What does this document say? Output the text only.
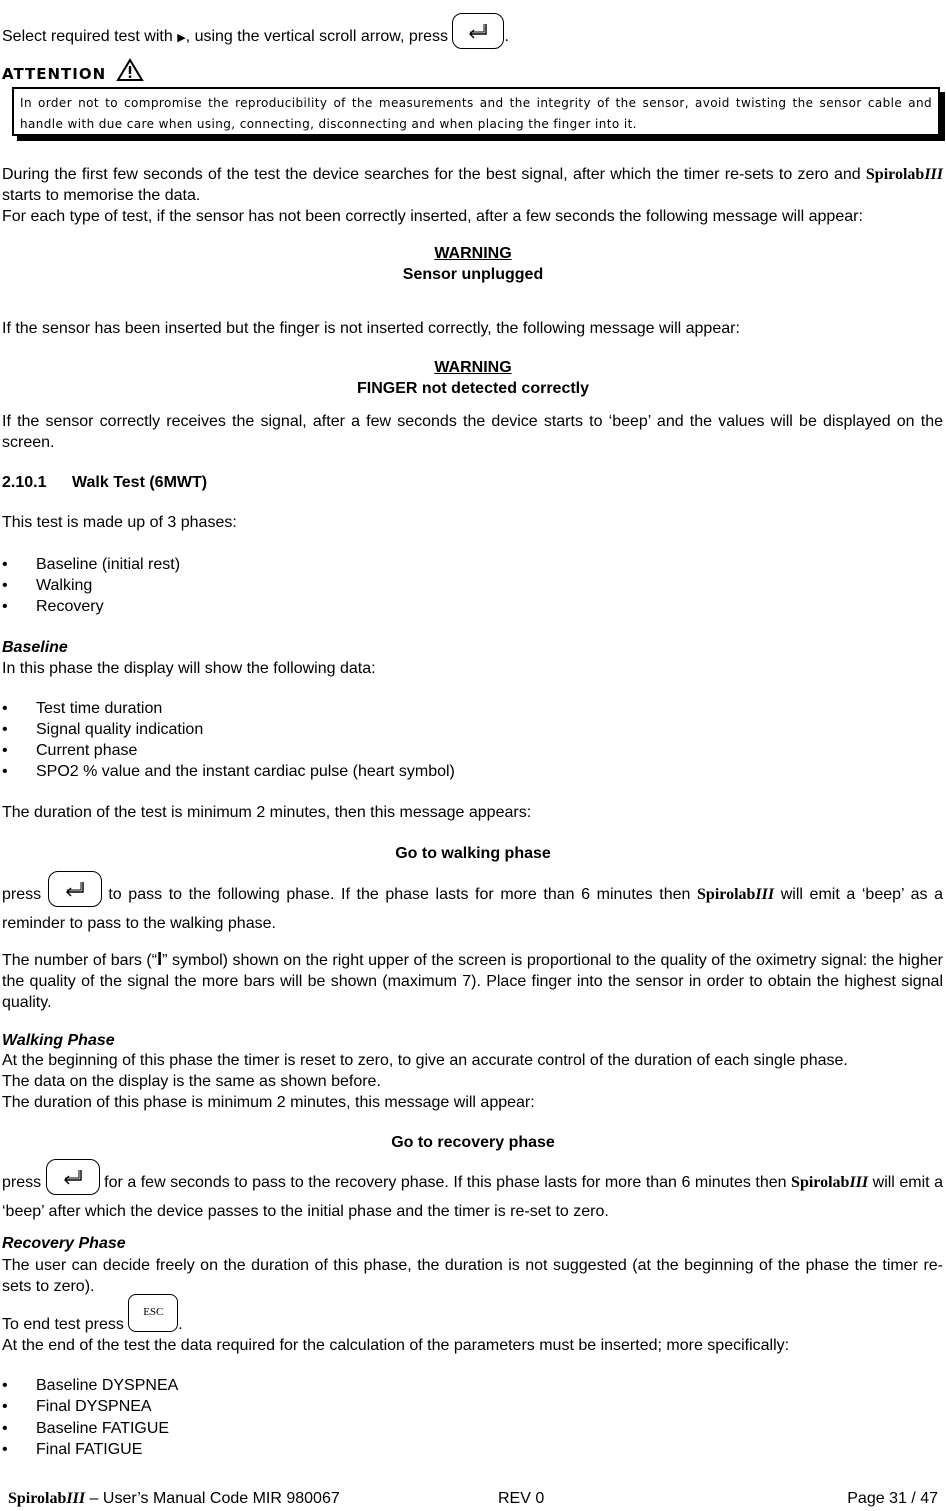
Select required test with ▶, using the vertical scroll arrow, press	.
ATTENTION
In order not to compromise the reproducibility of the measurements and the integrity of the sensor, avoid twisting the sensor cable and handle with due care when using, connecting, disconnecting and when placing the finger into it.
During the first few seconds of the test the device searches for the best signal, after which the timer re-sets to zero and SpirolabIII starts to memorise the data.
For each type of test, if the sensor has not been correctly inserted, after a few seconds the following message will appear:
WARNING
Sensor unplugged
If the sensor has been inserted but the finger is not inserted correctly, the following message will appear:
WARNING
FINGER not detected correctly
If the sensor correctly receives the signal, after a few seconds the device starts to ‘beep’ and the values will be displayed on the screen.
2.10.1 Walk Test (6MWT)
This test is made up of 3 phases:
• Baseline (initial rest)
• Walking
• Recovery
Baseline
In this phase the display will show the following data:
• Test time duration
• Signal quality indication
• Current phase
• SPO2 % value and the instant cardiac pulse (heart symbol)
The duration of the test is minimum 2 minutes, then this message appears:
Go to walking phase
press	to pass to the following phase. If the phase lasts for more than 6 minutes then SpirolabIII will emit a ‘beep’ as a reminder to pass to the walking phase.
The number of bars (“I” symbol) shown on the right upper of the screen is proportional to the quality of the oximetry signal: the higher the quality of the signal the more bars will be shown (maximum 7). Place finger into the sensor in order to obtain the highest signal quality.
Walking Phase
At the beginning of this phase the timer is reset to zero, to give an accurate control of the duration of each single phase.
The data on the display is the same as shown before.
The duration of this phase is minimum 2 minutes, this message will appear:
Go to recovery phase
press	for a few seconds to pass to the recovery phase. If this phase lasts for more than 6 minutes then SpirolabIII will emit a ‘beep’ after which the device passes to the initial phase and the timer is re-set to zero.
Recovery Phase
The user can decide freely on the duration of this phase, the duration is not suggested (at the beginning of the phase the timer re-sets to zero).
To end test press ESC.
At the end of the test the data required for the calculation of the parameters must be inserted; more specifically:
• Baseline DYSPNEA
• Final DYSPNEA
• Baseline FATIGUE
• Final FATIGUE
SpirolabIII – User’s Manual Code MIR 980067	REV 0	Page 31 / 47
